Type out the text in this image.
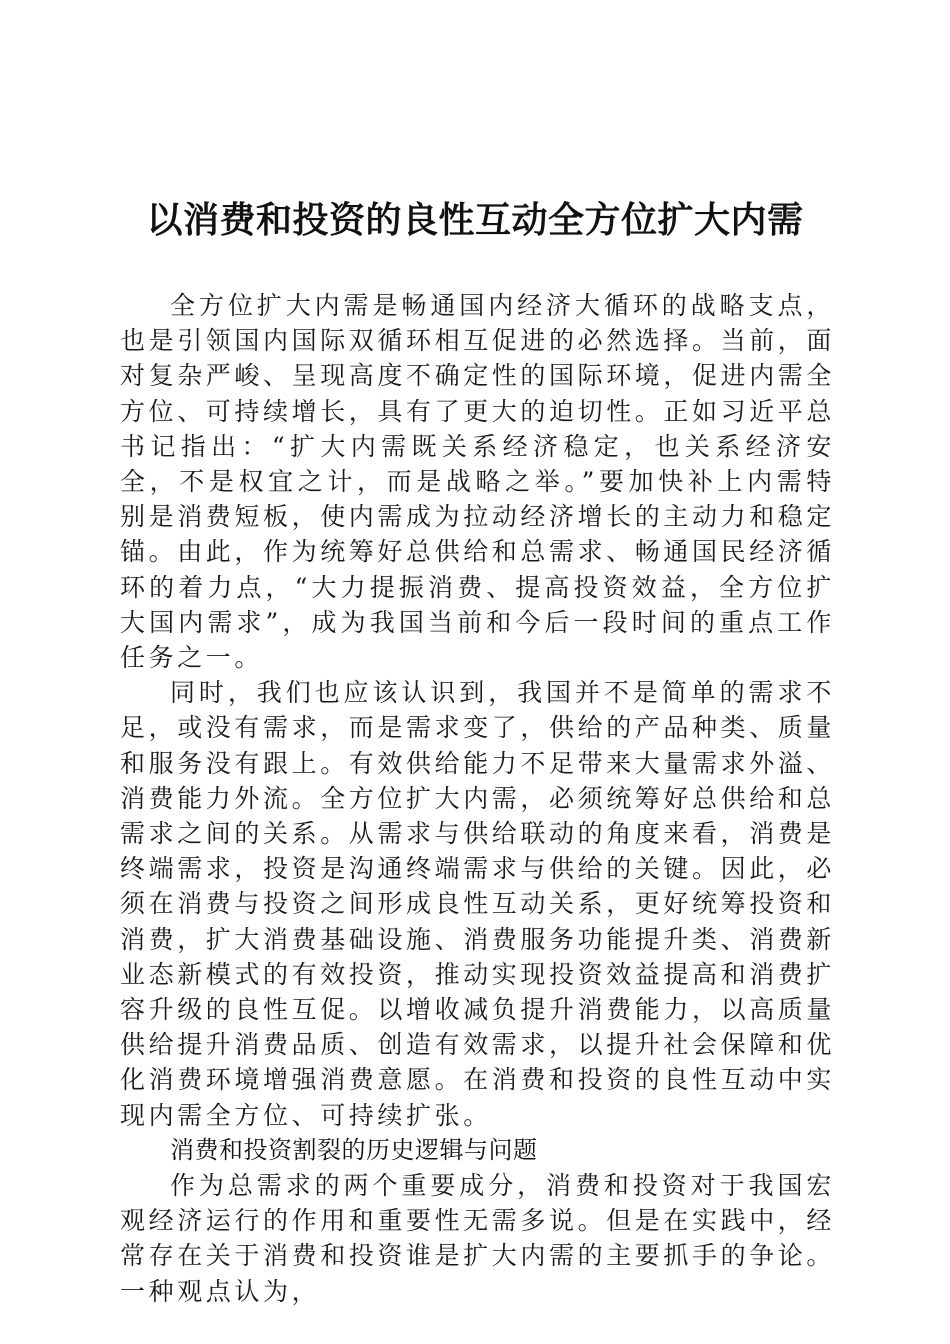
以消费和投资的良性互动全方位扩大内需

全方位扩大内需是畅通国内经济大循环的战略支点，也是引领国内国际双循环相互促进的必然选择。当前，面对复杂严峻、呈现高度不确定性的国际环境，促进内需全方位、可持续增长，具有了更大的迫切性。正如习近平总书记指出：“扩大内需既关系经济稳定，也关系经济安全，不是权宜之计，而是战略之举。”要加快补上内需特别是消费短板，使内需成为拉动经济增长的主动力和稳定锚。由此，作为统筹好总供给和总需求、畅通国民经济循环的着力点，“大力提振消费、提高投资效益，全方位扩大国内需求”，成为我国当前和今后一段时间的重点工作任务之一。

同时，我们也应该认识到，我国并不是简单的需求不足，或没有需求，而是需求变了，供给的产品种类、质量和服务没有跟上。有效供给能力不足带来大量需求外溢、消费能力外流。全方位扩大内需，必须统筹好总供给和总需求之间的关系。从需求与供给联动的角度来看，消费是终端需求，投资是沟通终端需求与供给的关键。因此，必须在消费与投资之间形成良性互动关系，更好统筹投资和消费，扩大消费基础设施、消费服务功能提升类、消费新业态新模式的有效投资，推动实现投资效益提高和消费扩容升级的良性互促。以增收减负提升消费能力，以高质量供给提升消费品质、创造有效需求，以提升社会保障和优化消费环境增强消费意愿。在消费和投资的良性互动中实现内需全方位、可持续扩张。

消费和投资割裂的历史逻辑与问题

作为总需求的两个重要成分，消费和投资对于我国宏观经济运行的作用和重要性无需多说。但是在实践中，经常存在关于消费和投资谁是扩大内需的主要抓手的争论。一种观点认为，
